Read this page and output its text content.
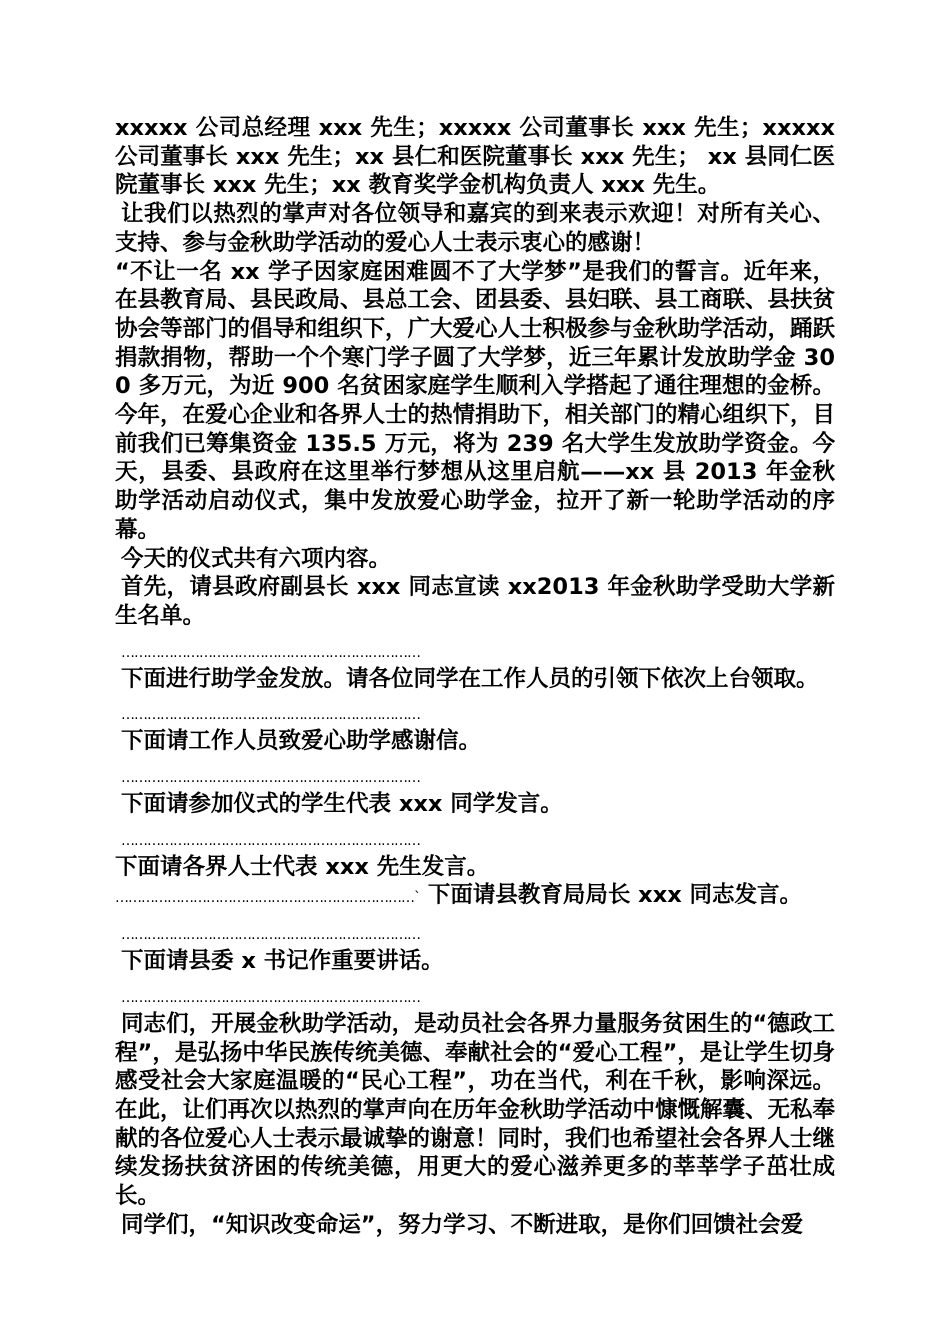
xxxxx 公司总经理 xxx 先生；xxxxx 公司董事长 xxx 先生；xxxxx 公司董事长 xxx 先生；xx 县仁和医院董事长 xxx 先生； xx 县同仁医院董事长 xxx 先生；xx 教育奖学金机构负责人 xxx 先生。

让我们以热烈的掌声对各位领导和嘉宾的到来表示欢迎！对所有关心、支持、参与金秋助学活动的爱心人士表示衷心的感谢！

“不让一名 xx 学子因家庭困难圆不了大学梦”是我们的誓言。近年来，在县教育局、县民政局、县总工会、团县委、县妇联、县工商联、县扶贫协会等部门的倡导和组织下，广大爱心人士积极参与金秋助学活动，踊跃捐款捐物，帮助一个个寒门学子圆了大学梦，近三年累计发放助学金 300 多万元，为近 900 名贫困家庭学生顺利入学搭起了通往理想的金桥。今年，在爱心企业和各界人士的热情捐助下，相关部门的精心组织下，目前我们已筹集资金 135.5 万元，将为 239 名大学生发放助学资金。今天，县委、县政府在这里举行梦想从这里启航——xx 县 2013 年金秋助学活动启动仪式，集中发放爱心助学金，拉开了新一轮助学活动的序幕。

今天的仪式共有六项内容。

首先，请县政府副县长 xxx 同志宣读 xx2013 年金秋助学受助大学新生名单。

……………………………………………………………

下面进行助学金发放。请各位同学在工作人员的引领下依次上台领取。

……………………………………………………………

下面请工作人员致爱心助学感谢信。

……………………………………………………………

下面请参加仪式的学生代表 xxx 同学发言。

……………………………………………………………

下面请各界人士代表 xxx 先生发言。

……………………………………………………………` 下面请县教育局局长 xxx 同志发言。

……………………………………………………………

下面请县委 x 书记作重要讲话。

……………………………………………………………

同志们，开展金秋助学活动，是动员社会各界力量服务贫困生的“德政工程”，是弘扬中华民族传统美德、奉献社会的“爱心工程”，是让学生切身感受社会大家庭温暖的“民心工程”，功在当代，利在千秋，影响深远。在此，让们再次以热烈的掌声向在历年金秋助学活动中慷慨解囊、无私奉献的各位爱心人士表示最诚挚的谢意！同时，我们也希望社会各界人士继续发扬扶贫济困的传统美德，用更大的爱心滋养更多的莘莘学子茁壮成长。

同学们，“知识改变命运”，努力学习、不断进取，是你们回馈社会爱
